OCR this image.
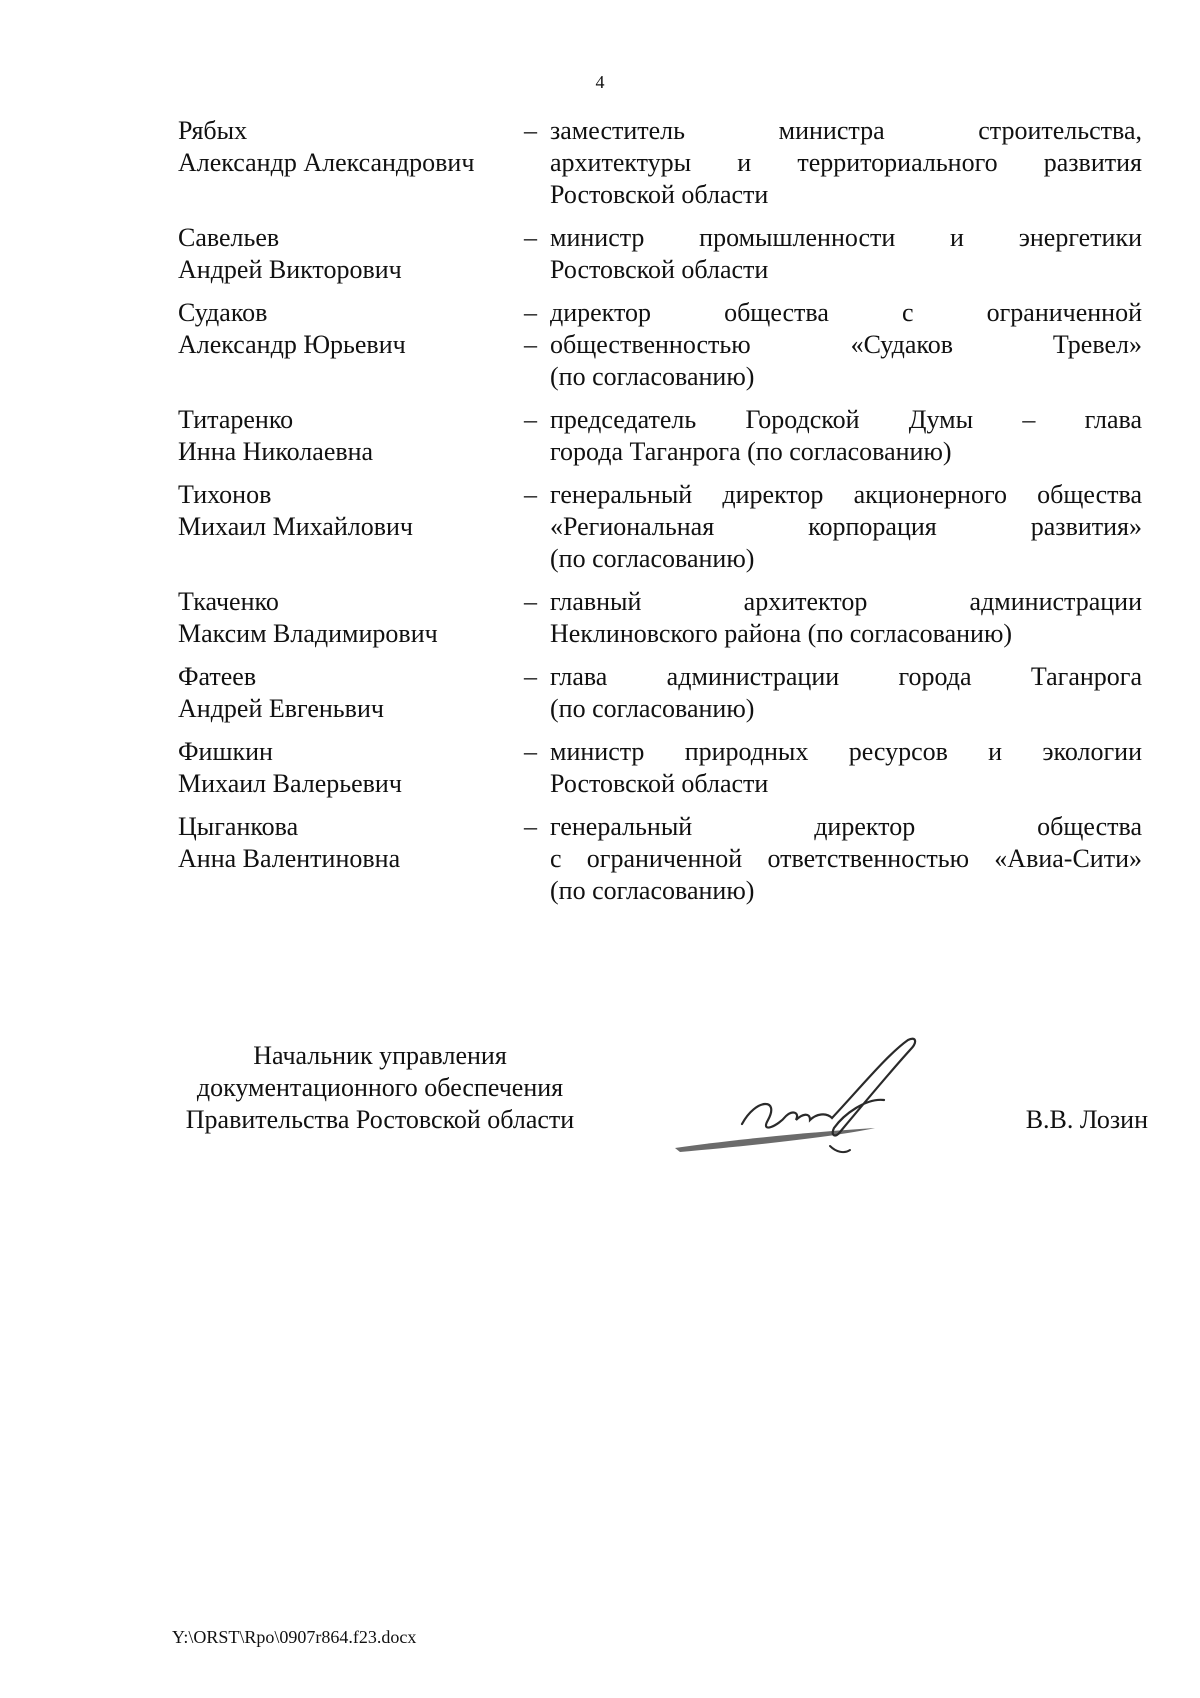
4
Рябых
Александр Александрович
– заместитель министра строительства,
архитектуры и территориального развития
Ростовской области
Савельев
Андрей Викторович
– министр промышленности и энергетики
Ростовской области
Судаков
Александр Юрьевич
–
–
директор общества с ограниченной
общественностью «Судаков Тревел»
(по согласованию)
Титаренко
Инна Николаевна
– председатель Городской Думы – глава
города Таганрога (по согласованию)
Тихонов
Михаил Михайлович
– генеральный директор акционерного общества
«Региональная корпорация развития»
(по согласованию)
Ткаченко
Максим Владимирович
– главный архитектор администрации
Неклиновского района (по согласованию)
Фатеев
Андрей Евгеньвич
– глава администрации города Таганрога
(по согласованию)
Фишкин
Михаил Валерьевич
– министр природных ресурсов и экологии
Ростовской области
Цыганкова
Анна Валентиновна
– генеральный директор общества
с ограниченной ответственностью «Авиа-Сити»
(по согласованию)
Начальник управления
документационного обеспечения
Правительства Ростовской области	В.В. Лозин
Y:\ORST\Rpo\0907r864.f23.docx
